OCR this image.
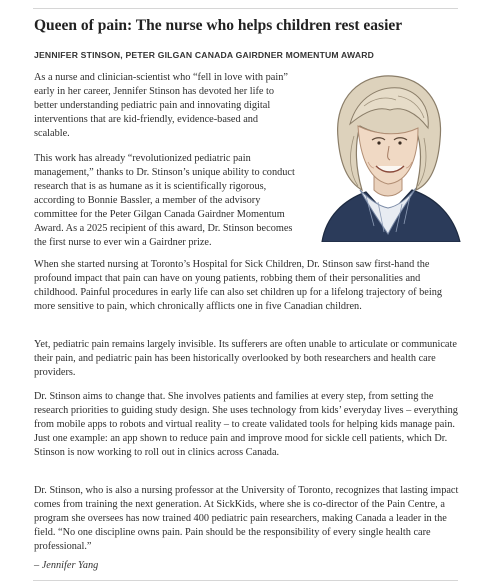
Queen of pain: The nurse who helps children rest easier
JENNIFER STINSON, PETER GILGAN CANADA GAIRDNER MOMENTUM AWARD

As a nurse and clinician-scientist who “fell in love with pain” early in her career, Jennifer Stinson has devoted her life to better understanding pediatric pain and innovating digital interventions that are kid-friendly, evidence-based and scalable.

This work has already “revolutionized pediatric pain management,” thanks to Dr. Stinson’s unique ability to conduct research that is as humane as it is scientifically rigorous, according to Bonnie Bassler, a member of the advisory committee for the Peter Gilgan Canada Gairdner Momentum Award. As a 2025 recipient of this award, Dr. Stinson becomes the first nurse to ever win a Gairdner prize.

When she started nursing at Toronto’s Hospital for Sick Children, Dr. Stinson saw first-hand the profound impact that pain can have on young patients, robbing them of their personalities and childhood. Painful procedures in early life can also set children up for a lifelong trajectory of being more sensitive to pain, which chronically afflicts one in five Canadian children.

Yet, pediatric pain remains largely invisible. Its sufferers are often unable to articulate or communicate their pain, and pediatric pain has been historically overlooked by both researchers and health care providers.

Dr. Stinson aims to change that. She involves patients and families at every step, from setting the research priorities to guiding study design. She uses technology from kids’ everyday lives – everything from mobile apps to robots and virtual reality – to create validated tools for helping kids manage pain. Just one example: an app shown to reduce pain and improve mood for sickle cell patients, which Dr. Stinson is now working to roll out in clinics across Canada.

Dr. Stinson, who is also a nursing professor at the University of Toronto, recognizes that lasting impact comes from training the next generation. At SickKids, where she is co-director of the Pain Centre, a program she oversees has now trained 400 pediatric pain researchers, making Canada a leader in the field. “No one discipline owns pain. Pain should be the responsibility of every single health care professional.”

– Jennifer Yang
